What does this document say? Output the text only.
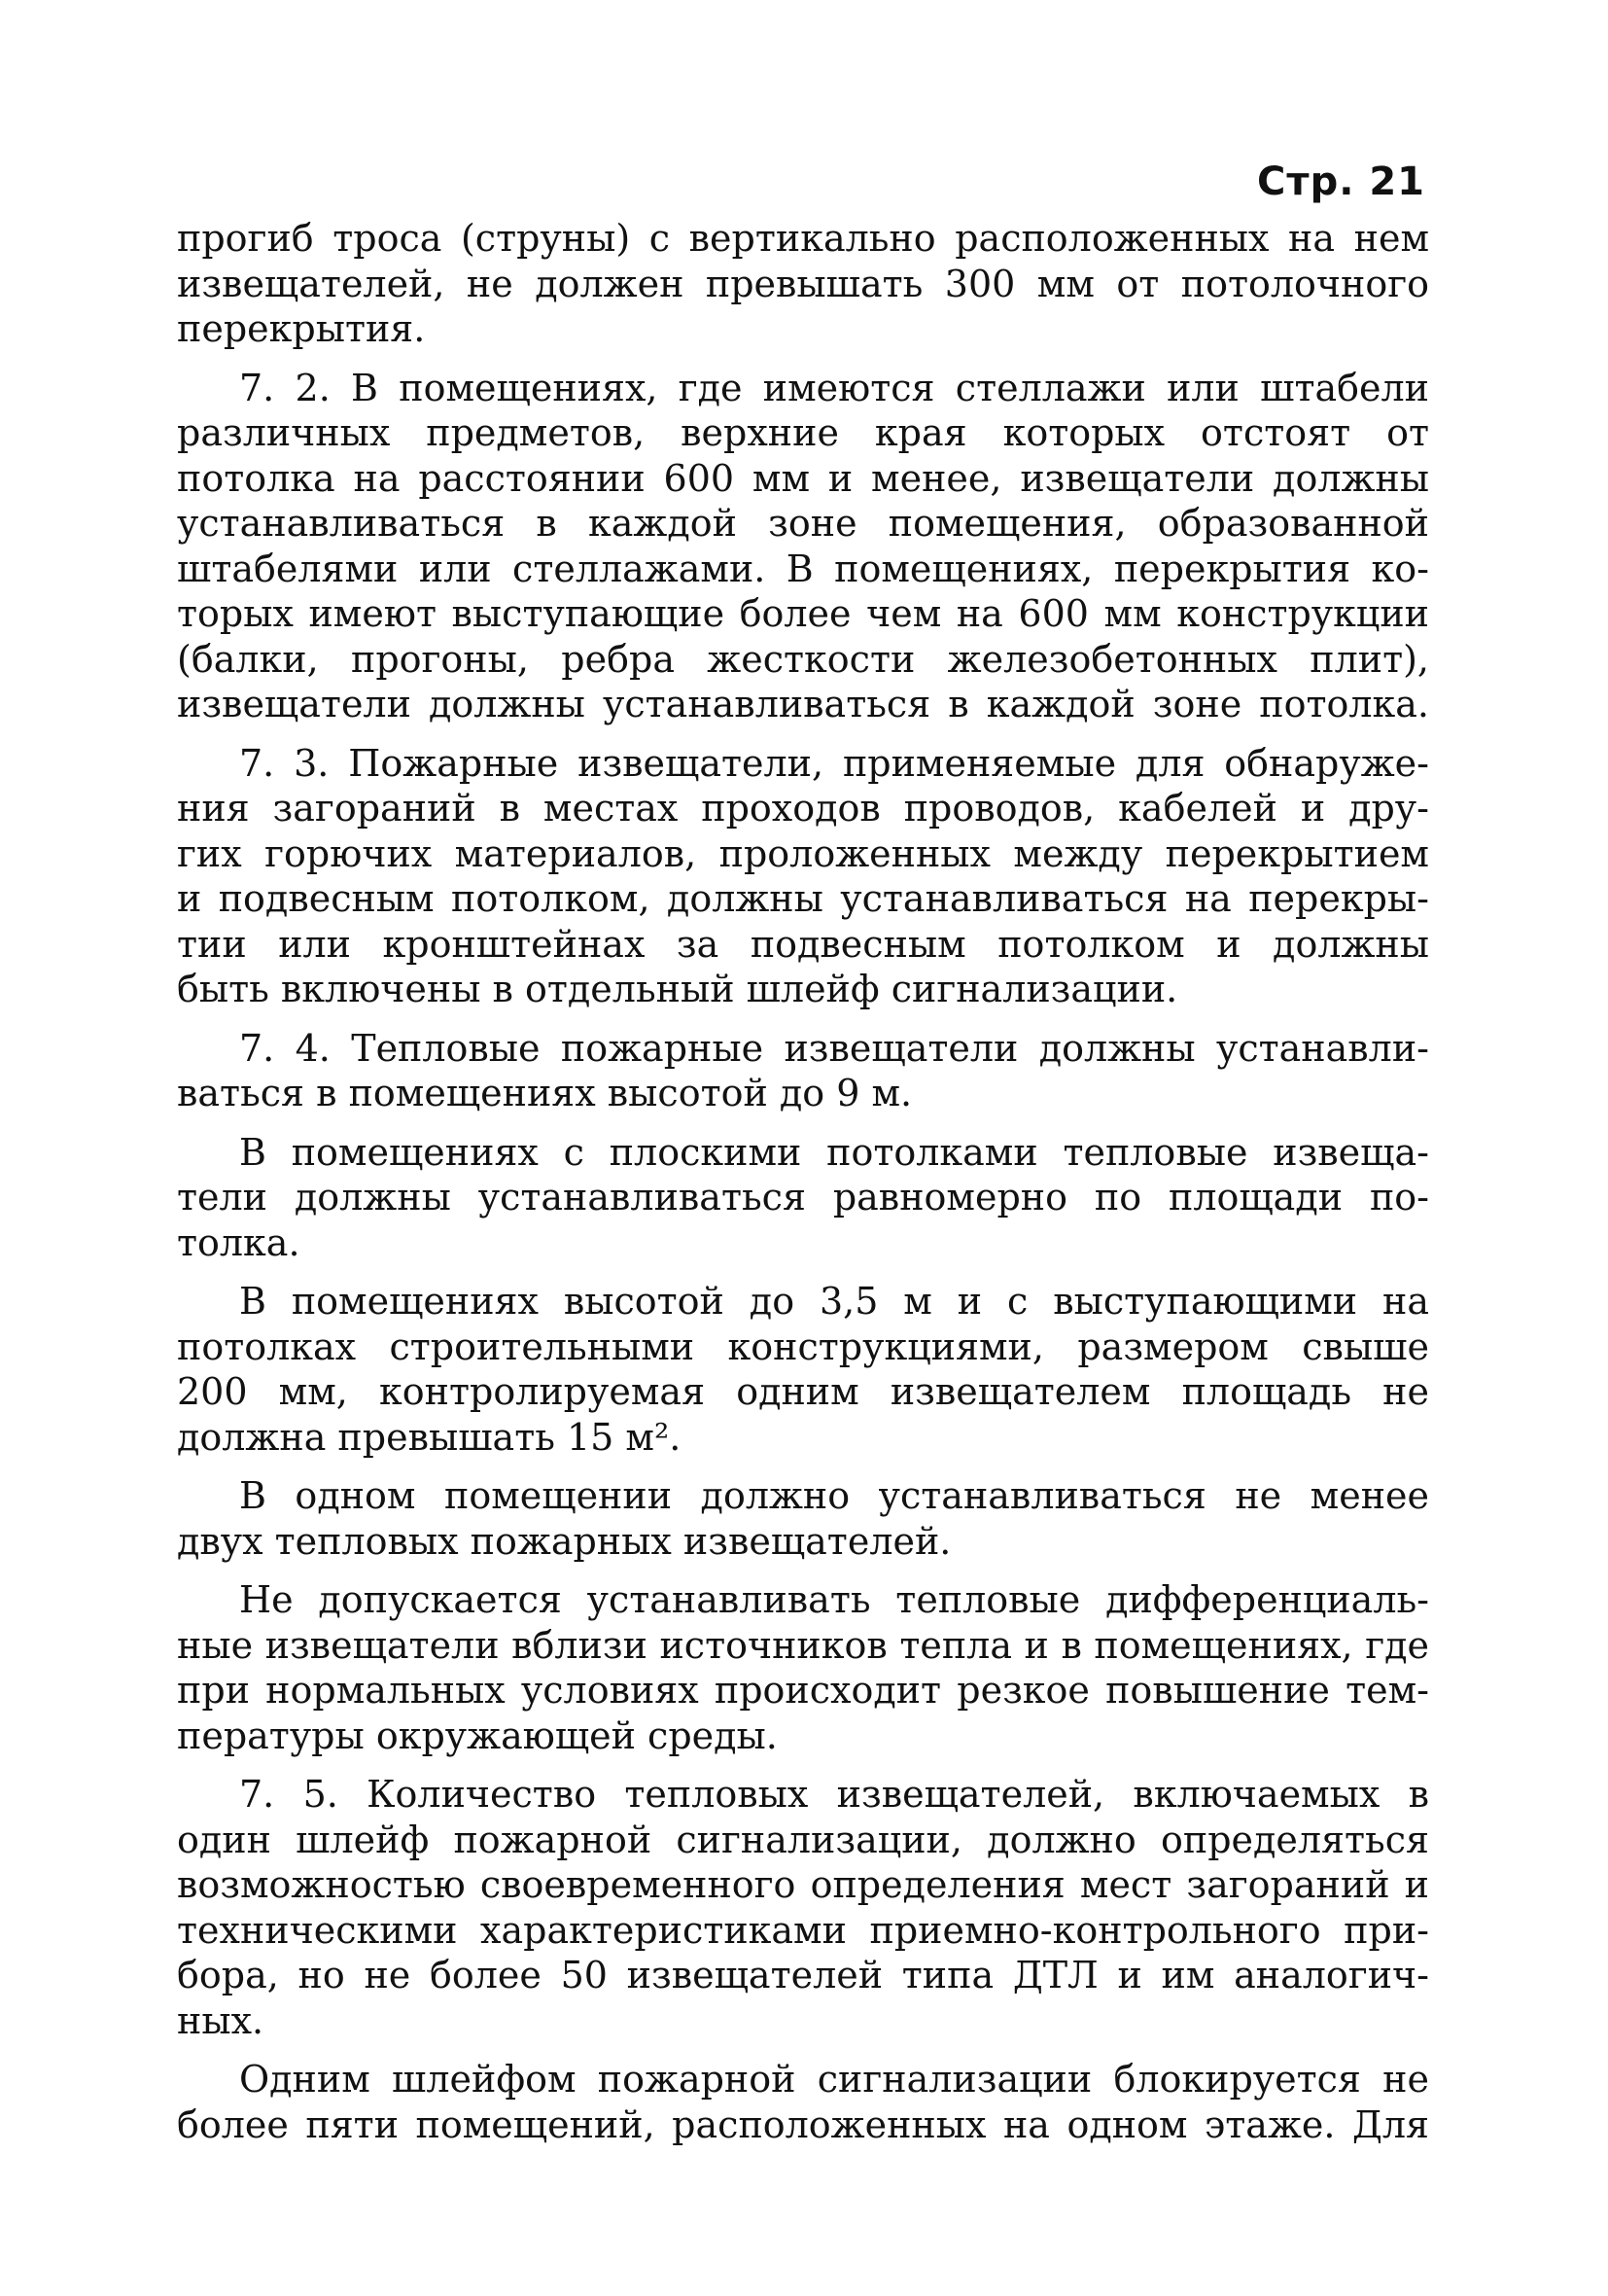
Стр. 21
прогиб троса (струны) с вертикально расположенных на нем
извещателей, не должен превышать 300 мм от потолочного
перекрытия.
7. 2. В помещениях, где имеются стеллажи или штабели
различных предметов, верхние края которых отстоят от
потолка на расстоянии 600 мм и менее, извещатели должны
устанавливаться в каждой зоне помещения, образованной
штабелями или стеллажами. В помещениях, перекрытия ко-
торых имеют выступающие более чем на 600 мм конструкции
(балки, прогоны, ребра жесткости железобетонных плит),
извещатели должны устанавливаться в каждой зоне потолка.
7. 3. Пожарные извещатели, применяемые для обнаруже-
ния загораний в местах проходов проводов, кабелей и дру-
гих горючих материалов, проложенных между перекрытием
и подвесным потолком, должны устанавливаться на перекры-
тии или кронштейнах за подвесным потолком и должны
быть включены в отдельный шлейф сигнализации.
7. 4. Тепловые пожарные извещатели должны устанавли-
ваться в помещениях высотой до 9 м.
В помещениях с плоскими потолками тепловые извеща-
тели должны устанавливаться равномерно по площади по-
толка.
В помещениях высотой до 3,5 м и с выступающими на
потолках строительными конструкциями, размером свыше
200 мм, контролируемая одним извещателем площадь не
должна превышать 15 м².
В одном помещении должно устанавливаться не менее
двух тепловых пожарных извещателей.
Не допускается устанавливать тепловые дифференциаль-
ные извещатели вблизи источников тепла и в помещениях, где
при нормальных условиях происходит резкое повышение тем-
пературы окружающей среды.
7. 5. Количество тепловых извещателей, включаемых в
один шлейф пожарной сигнализации, должно определяться
возможностью своевременного определения мест загораний и
техническими характеристиками приемно-контрольного при-
бора, но не более 50 извещателей типа ДТЛ и им аналогич-
ных.
Одним шлейфом пожарной сигнализации блокируется не
более пяти помещений, расположенных на одном этаже. Для
